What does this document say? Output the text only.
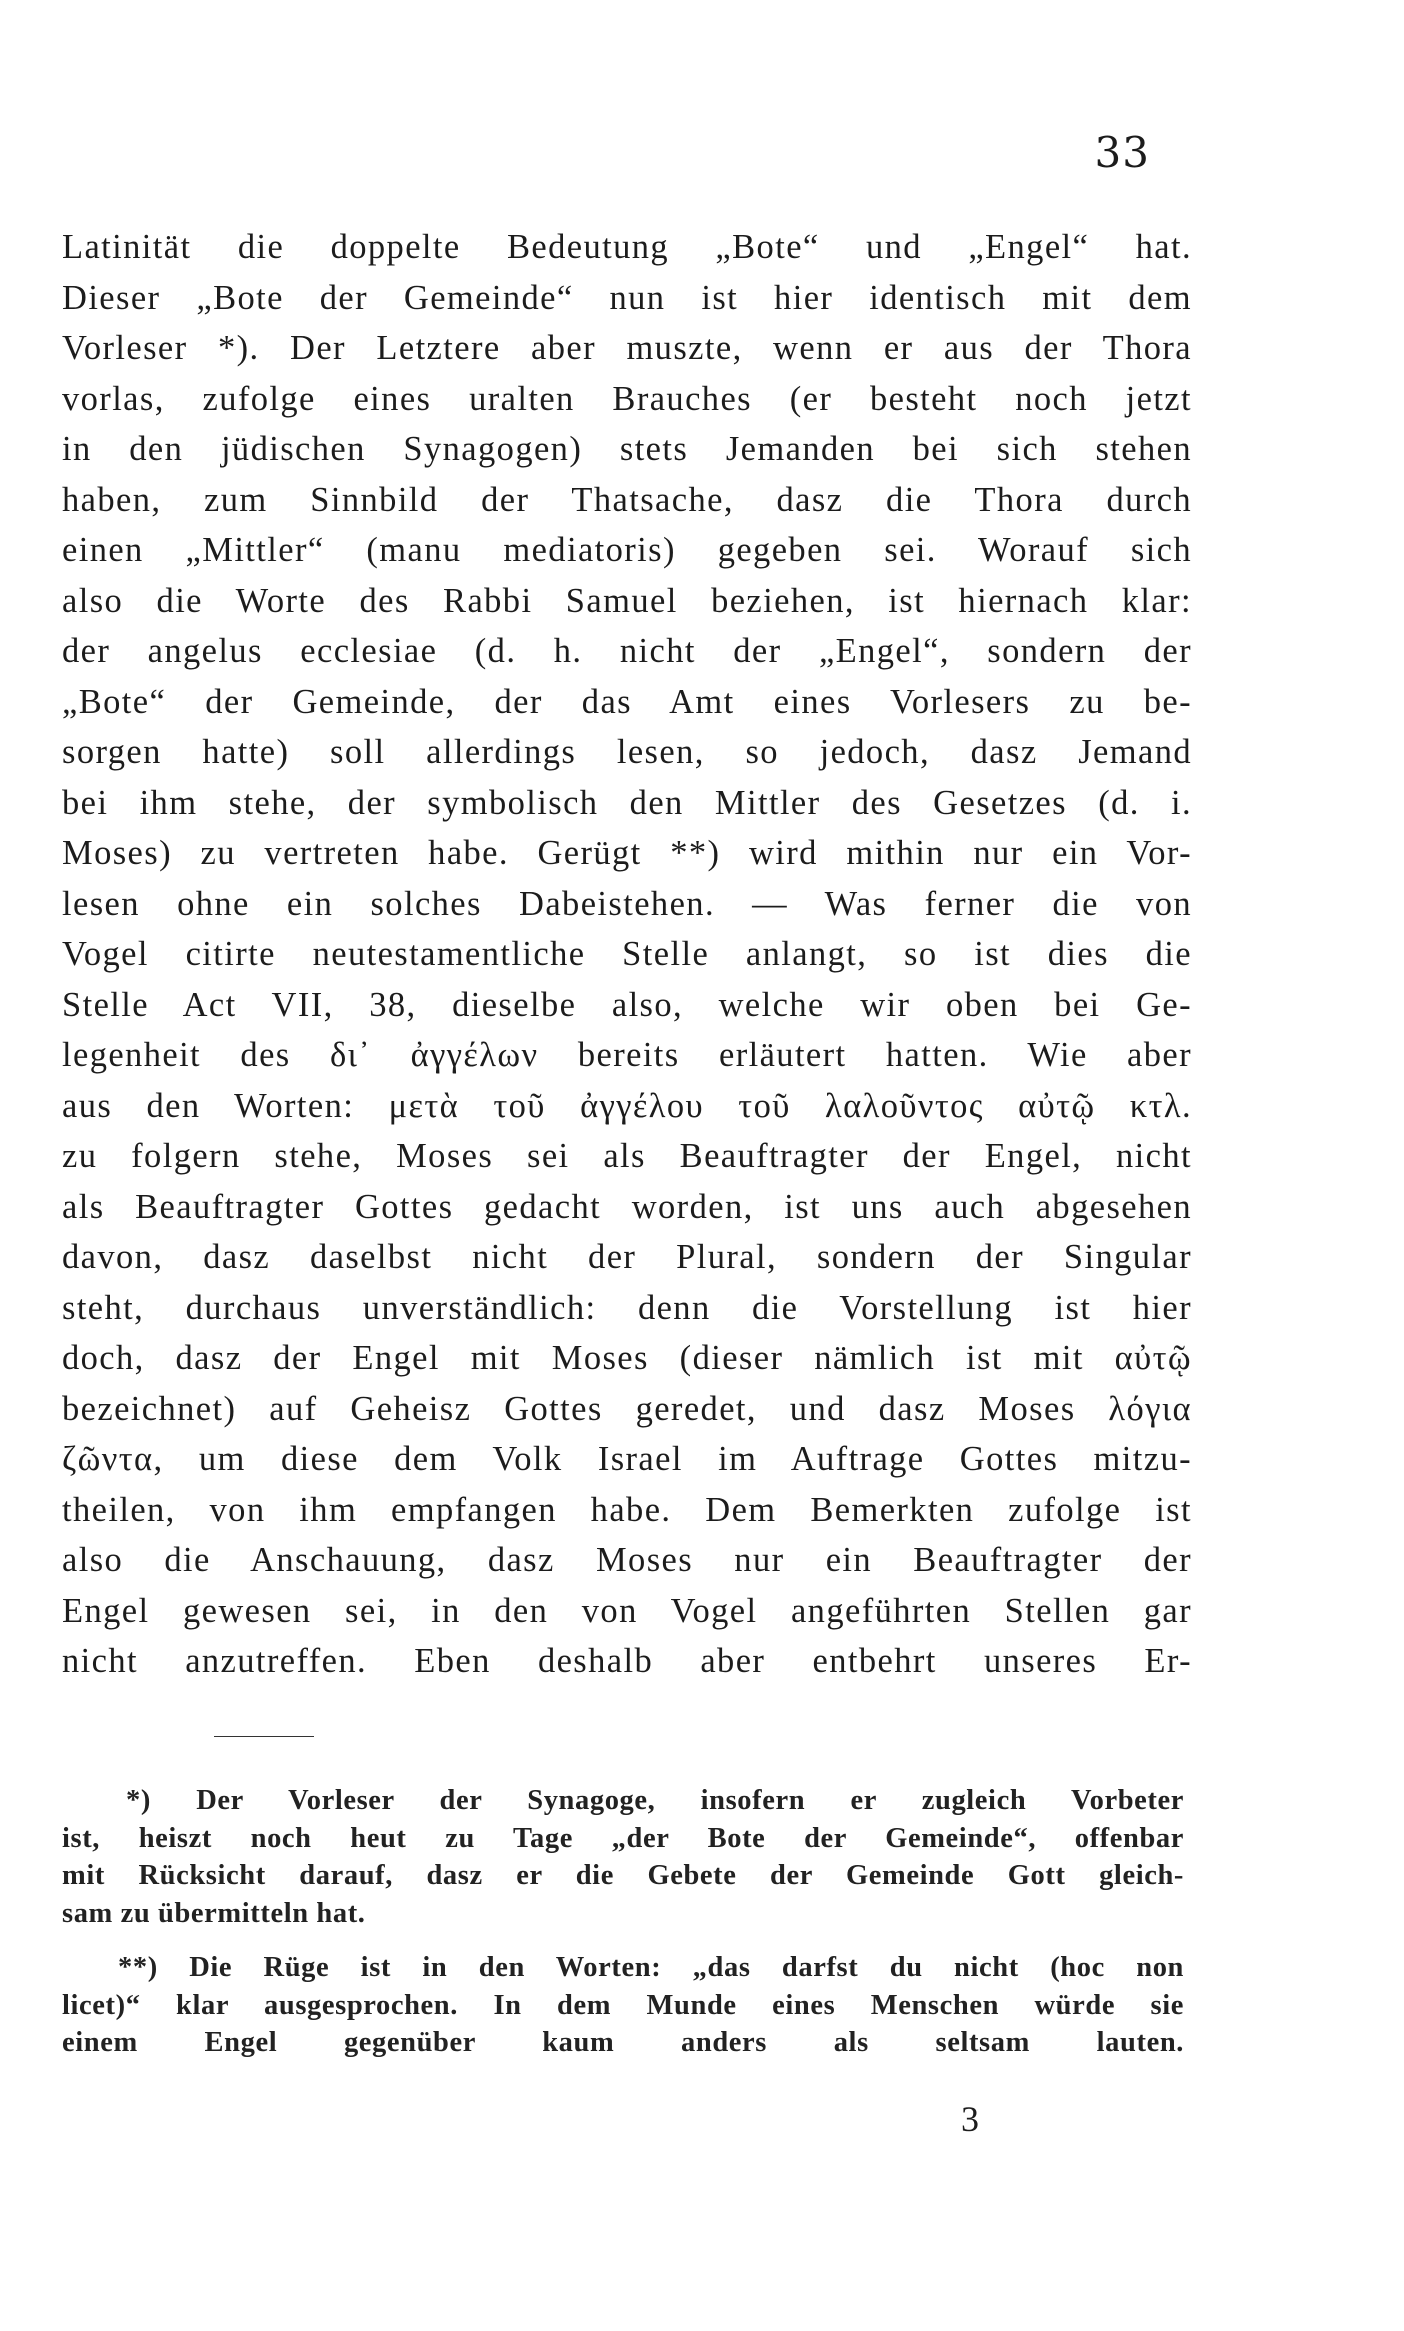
33
Latinität die doppelte Bedeutung „Bote“ und „Engel“ hat.
Dieser „Bote der Gemeinde“ nun ist hier identisch mit dem
Vorleser *). Der Letztere aber muszte, wenn er aus der Thora
vorlas, zufolge eines uralten Brauches (er besteht noch jetzt
in den jüdischen Synagogen) stets Jemanden bei sich stehen
haben, zum Sinnbild der Thatsache, dasz die Thora durch
einen „Mittler“ (manu mediatoris) gegeben sei. Worauf sich
also die Worte des Rabbi Samuel beziehen, ist hiernach klar:
der angelus ecclesiae (d. h. nicht der „Engel“, sondern der
„Bote“ der Gemeinde, der das Amt eines Vorlesers zu be-
sorgen hatte) soll allerdings lesen, so jedoch, dasz Jemand
bei ihm stehe, der symbolisch den Mittler des Gesetzes (d. i.
Moses) zu vertreten habe. Gerügt **) wird mithin nur ein Vor-
lesen ohne ein solches Dabeistehen. — Was ferner die von
Vogel citirte neutestamentliche Stelle anlangt, so ist dies die
Stelle Act VII, 38, dieselbe also, welche wir oben bei Ge-
legenheit des δι᾽ ἀγγέλων bereits erläutert hatten. Wie aber
aus den Worten: μετὰ τοῦ ἀγγέλου τοῦ λαλοῦντος αὐτῷ κτλ.
zu folgern stehe, Moses sei als Beauftragter der Engel, nicht
als Beauftragter Gottes gedacht worden, ist uns auch abgesehen
davon, dasz daselbst nicht der Plural, sondern der Singular
steht, durchaus unverständlich: denn die Vorstellung ist hier
doch, dasz der Engel mit Moses (dieser nämlich ist mit αὐτῷ
bezeichnet) auf Geheisz Gottes geredet, und dasz Moses λόγια
ζῶντα, um diese dem Volk Israel im Auftrage Gottes mitzu-
theilen, von ihm empfangen habe. Dem Bemerkten zufolge ist
also die Anschauung, dasz Moses nur ein Beauftragter der
Engel gewesen sei, in den von Vogel angeführten Stellen gar
nicht anzutreffen. Eben deshalb aber entbehrt unseres Er-
*) Der Vorleser der Synagoge, insofern er zugleich Vorbeter
ist, heiszt noch heut zu Tage „der Bote der Gemeinde“, offenbar
mit Rücksicht darauf, dasz er die Gebete der Gemeinde Gott gleich-
sam zu übermitteln hat.
**) Die Rüge ist in den Worten: „das darfst du nicht (hoc non
licet)“ klar ausgesprochen. In dem Munde eines Menschen würde sie
einem Engel gegenüber kaum anders als seltsam lauten.
3
